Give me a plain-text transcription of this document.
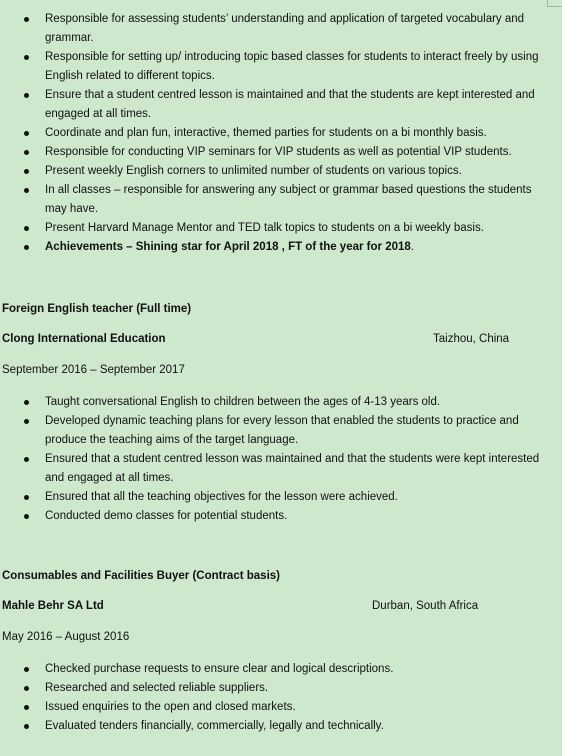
Responsible for assessing students’ understanding and application of targeted vocabulary and grammar.
Responsible for setting up/ introducing topic based classes for students to interact freely by using English related to different topics.
Ensure that a student centred lesson is maintained and that the students are kept interested and engaged at all times.
Coordinate and plan fun, interactive, themed parties for students on a bi monthly basis.
Responsible for conducting VIP seminars for VIP students as well as potential VIP students.
Present weekly English corners to unlimited number of students on various topics.
In all classes – responsible for answering any subject or grammar based questions the students may have.
Present Harvard Manage Mentor and TED talk topics to students on a bi weekly basis.
Achievements – Shining star for April 2018 , FT of the year for 2018.
Foreign English teacher (Full time)
Clong International Education	Taizhou, China
September 2016 – September 2017
Taught conversational English to children between the ages of 4-13 years old.
Developed dynamic teaching plans for every lesson that enabled the students to practice and produce the teaching aims of the target language.
Ensured that a student centred lesson was maintained and that the students were kept interested and engaged at all times.
Ensured that all the teaching objectives for the lesson were achieved.
Conducted demo classes for potential students.
Consumables and Facilities Buyer (Contract basis)
Mahle Behr SA Ltd	Durban, South Africa
May 2016 – August 2016
Checked purchase requests to ensure clear and logical descriptions.
Researched and selected reliable suppliers.
Issued enquiries to the open and closed markets.
Evaluated tenders financially, commercially, legally and technically.
